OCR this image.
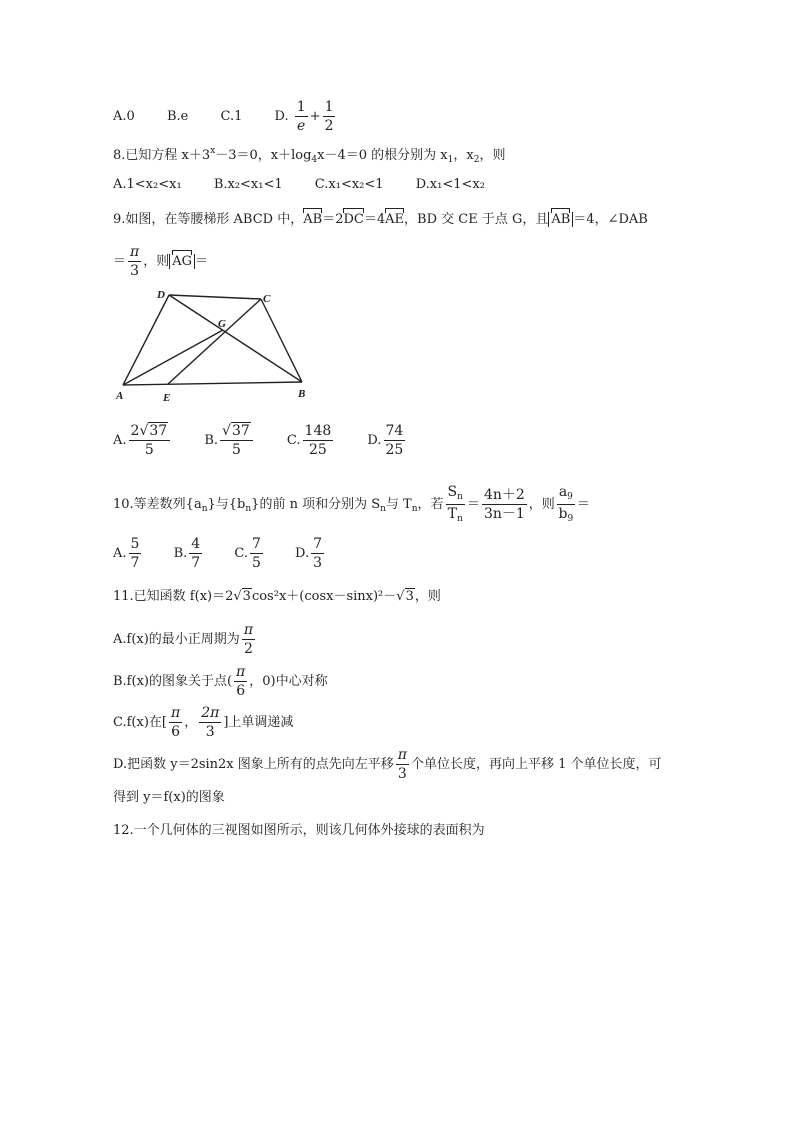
A.0 B.e C.1 D. $\frac{1}{e} + \frac{1}{2}$
8.已知方程 $x+3^x-3=0$，$x+\log_4x-4=0$ 的根分别为 $x_1$，$x_2$，则
A.1<x₂<x₁ B.x₂<x₁<1 C.x₁<x₂<1 D.x₁<1<x₂
9.如图，在等腰梯形 ABCD 中，AB＝2DC＝4AE，BD 交 CE 于点 G，且 AB ＝4，∠DAB
＝ $\frac{\pi}{3}$ ，则 AG ＝
D	C
G
A	E	B
A. $\frac{2√37}{5}$	B. $\frac{√37}{5}$	C. $\frac{148}{25}$	D. $\frac{74}{25}$
10.等差数列$\{a_n\}$与$\{b_n\}$的前 n 项和分别为 $S_n$与 $T_n$，若 $\frac{S_n}{T_n} = \frac{4n+2}{3n-1}$ ，则 $\frac{a_9}{b_9}$ ＝
A. $\frac{5}{7} B$. $\frac{4}{7} C$. $\frac{7}{5} D$. $\frac{7}{3}$
11.已知函数 f(x)＝2√3cos²x＋(cosx－sinx)²－√3，则
A.f(x)的最小正周期为 $\frac{\pi}{2}$
B.f(x)的图象关于点( $\frac{\pi}{6}$ ，0)中心对称
C.f(x)在[ $\frac{\pi}{6}$ ， $\frac{2\pi}{3}$ ]上单调递减
D.把函数 y＝2sin2x 图象上所有的点先向左平移 $\frac{\pi}{3}$ 个单位长度，再向上平移 1 个单位长度，可
得到 y＝f(x)的图象
12.一个几何体的三视图如图所示，则该几何体外接球的表面积为
